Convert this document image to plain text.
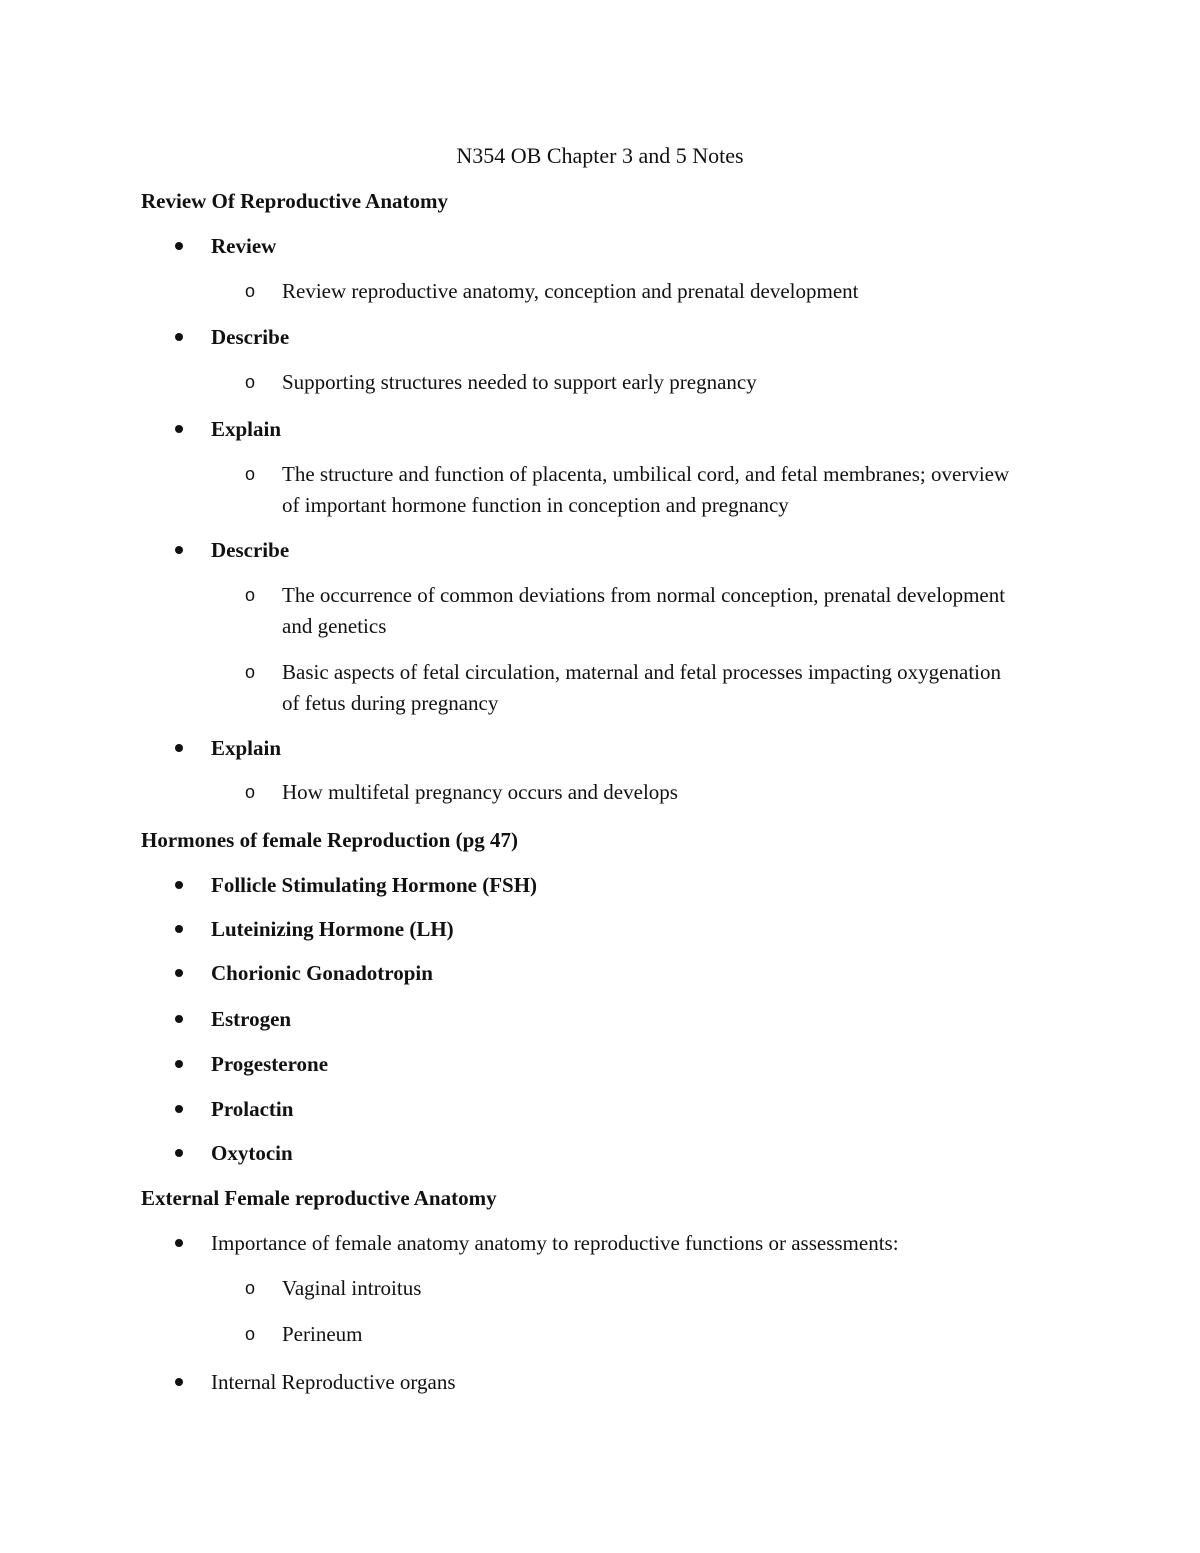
N354 OB Chapter 3 and 5 Notes
Review Of Reproductive Anatomy
Review
o Review reproductive anatomy, conception and prenatal development
Describe
o Supporting structures needed to support early pregnancy
Explain
o The structure and function of placenta, umbilical cord, and fetal membranes; overview of important hormone function in conception and pregnancy
Describe
o The occurrence of common deviations from normal conception, prenatal development and genetics
o Basic aspects of fetal circulation, maternal and fetal processes impacting oxygenation of fetus during pregnancy
Explain
o How multifetal pregnancy occurs and develops
Hormones of female Reproduction (pg 47)
Follicle Stimulating Hormone (FSH)
Luteinizing Hormone (LH)
Chorionic Gonadotropin
Estrogen
Progesterone
Prolactin
Oxytocin
External Female reproductive Anatomy
Importance of female anatomy anatomy to reproductive functions or assessments:
o Vaginal introitus
o Perineum
Internal Reproductive organs
